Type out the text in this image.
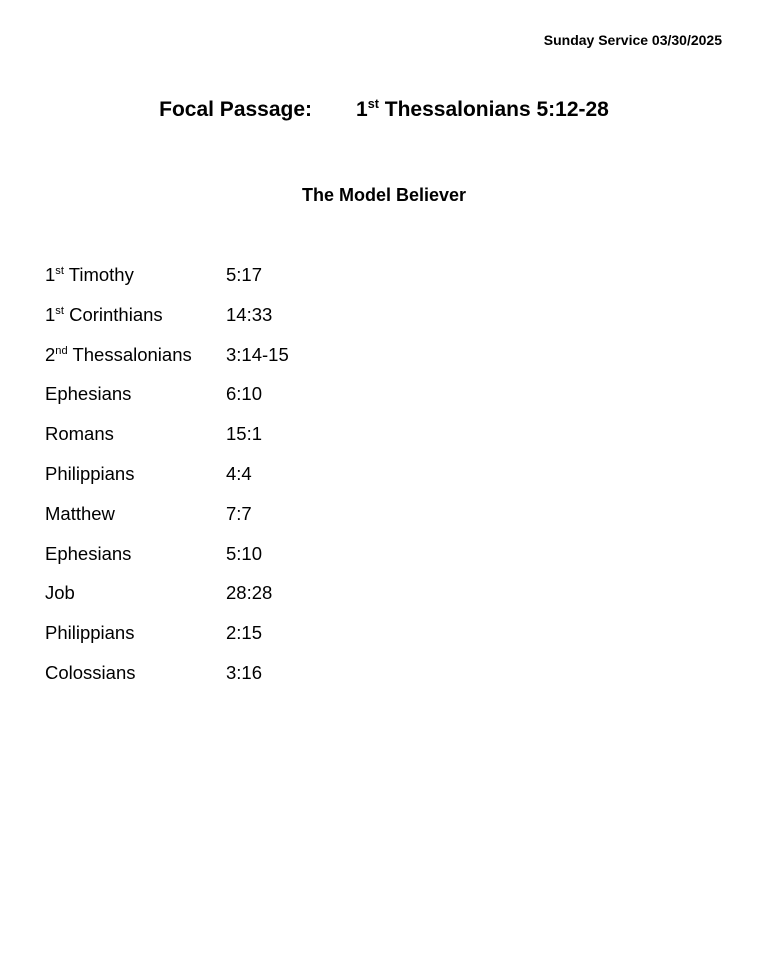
Sunday Service 03/30/2025
Focal Passage: 1st Thessalonians 5:12-28
The Model Believer
1st Timothy	5:17
1st Corinthians	14:33
2nd Thessalonians	3:14-15
Ephesians	6:10
Romans	15:1
Philippians	4:4
Matthew	7:7
Ephesians	5:10
Job	28:28
Philippians	2:15
Colossians	3:16
